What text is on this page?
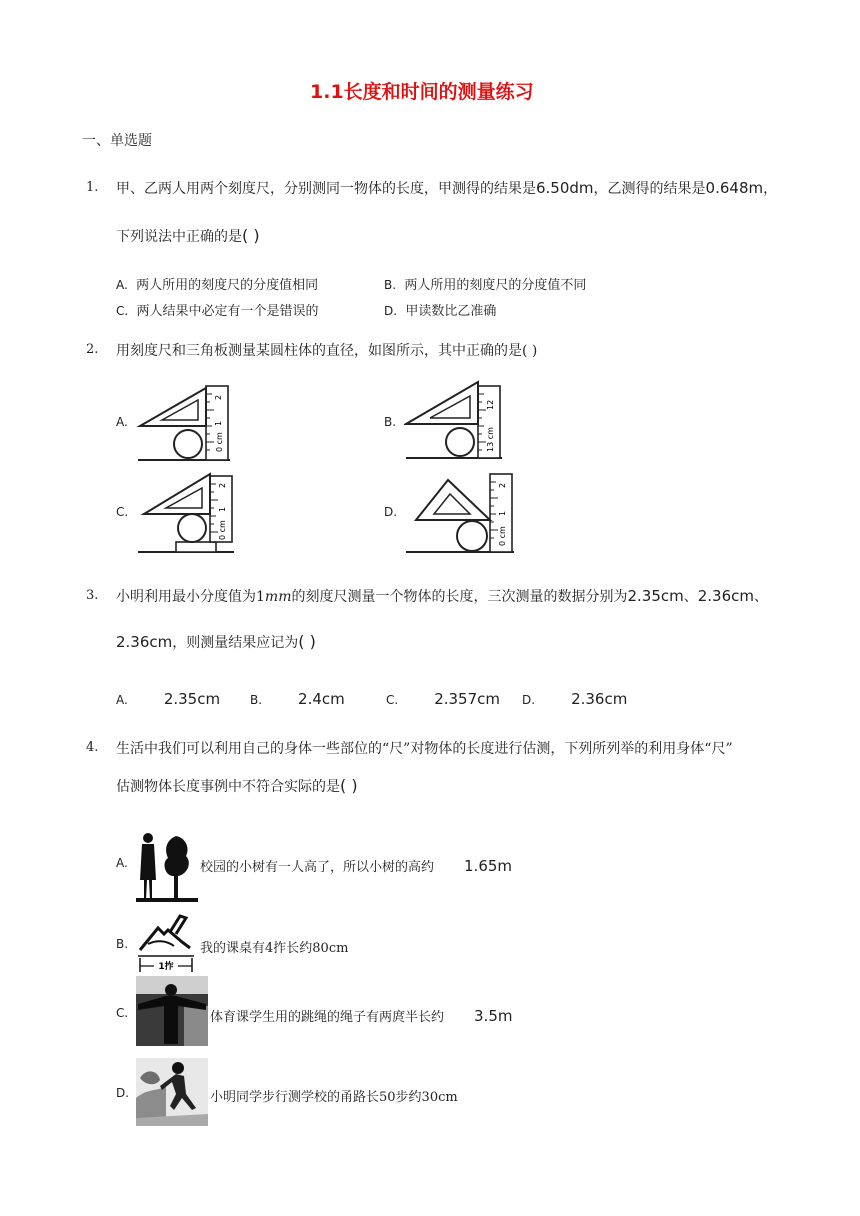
1.1长度和时间的测量练习
一、单选题
1. 甲、乙两人用两个刻度尺，分别测同一物体的长度，甲测得的结果是6.50dm，乙测得的结果是0.648m，
下列说法中正确的是( )
A. 两人所用的刻度尺的分度值相同	B. 两人所用的刻度尺的分度值不同
C. 两人结果中必定有一个是错误的	D. 甲读数比乙准确
2. 用刻度尺和三角板测量某圆柱体的直径，如图所示，其中正确的是( )
A.
0 cm
1
2
B.
13 cm
12
C.
0 cm
1
2
D.
0 cm
1
2
3. 小明利用最小分度值为1mm的刻度尺测量一个物体的长度，三次测量的数据分别为2.35cm、2.36cm、
2.36cm，则测量结果应记为( )
A. 2.35cm B. 2.4cm	C. 2.357cm D. 2.36cm
4. 生活中我们可以利用自己的身体一些部位的“尺”对物体的长度进行估测，下列所列举的利用身体“尺”
估测物体长度事例中不符合实际的是( )
A.	校园的小树有一人高了，所以小树的高约 1.65m
B.
1拃
我的课桌有4拃长约80cm
C.	体育课学生用的跳绳的绳子有两庹半长约 3.5m
D.	小明同学步行测学校的甬路长50步约30cm
